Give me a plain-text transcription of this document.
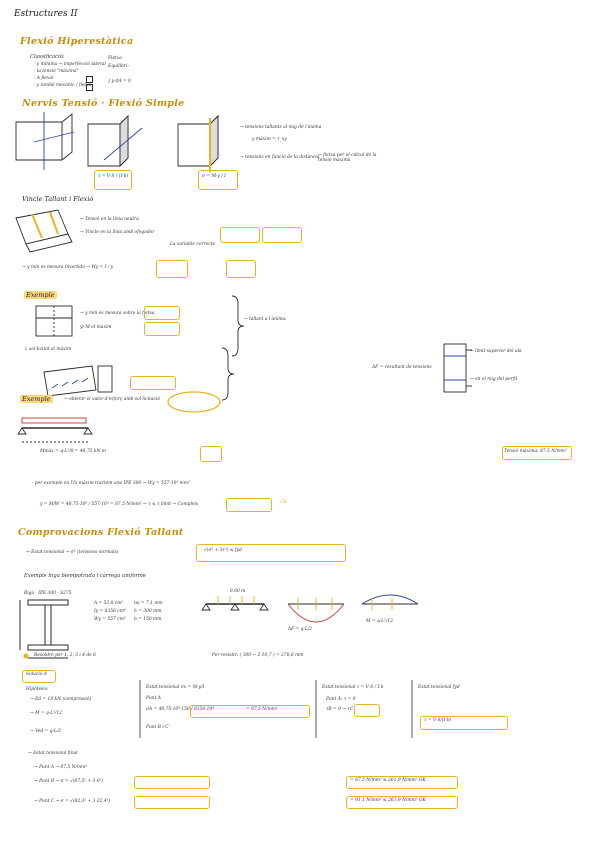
Estructures II
Flexió Hiperestàtica
Classificació:
· y mínima → imperfecció lateral
· la tensió "màxima"
· A flexió
· y també mecànic / fletxa
Fletxa
Equilibri:
∫ y·dA = 0
Nervis Tensió · Flexió Simple
τ = V·S / (I·b)	σ = M·y / I
→ tensions tallants al mig de l'ànima
y màxim = τ_xy
→ tensions en funció de la distància
→ fletxa per el càlcul de la tensió màxima
Vincle Tallant i Flexió
→ Tensió en la línia neutra
→ Vincle en la línia amb ofegador
La variable correcte
→ y mín es mesura invertida → Wy = I / y
Exemple
→ y mín és mesura sobre la fletxa
y/ M el màxim
→ tallant a l'ànima:
↳ sol·licitat al màxim
ΔF = resultant de tensions
→ límit superior del ala
→ en el mig del perfil
Exemple	→ obtenir el valor d'esforç amb sol·licitació
Mmàx = q·L²/8 = 48,75 kN·m	Tensió màxima: 87,5 N/mm²
· per exemple en l'Ix màxim tractem una IPE 300 → Wy = 557·10³ mm³
y = M/W = 48,75·10⁶ / 557·10³ = 87,5 N/mm² → τ ≤ τ límit → Compleix	OK
Comprovacions Flexió Tallant
→ Estat tensional → σ² (tensions normals)	√(σ² + 3τ²) ≤ fyd
Exemple biga biempotrada i càrrega uniforme
Bigà · IPE 300 · S275
A = 53,8 cm²
Iy = 8356 cm⁴
Wy = 557 cm³
tw = 7,1 mm
h = 300 mm
b = 150 mm
6,00 m
ΔF = q·L/2
M = q·L²/12
Resoldre per 1, 2, 3 i 4 de 6	Per resistir: ( 300 − 2·10,7 ) = 278,6 mm
Solució A
Hipòtesis:
→ Ed = 18 kN (compressió)
→ M = q·L²/12
→ Ved = q·L/2
Estat tensional σx = M·y/I
Punt A
σA = 48,75·10⁶·150 / 8356·10⁴	= 87,5 N/mm²
Punt B i C
Estat tensional τ = V·S / I·b
Punt A: τ = 0
τB = 0 → τC
Estat tensional fyd
τ = V·S/(I·b)
→ Estat tensional final
→ Punt A → 87,5 N/mm²
→ Punt B → σ = √(87,5² + 3·0²)	= 87,5 N/mm² ≤ 261,9 N/mm² OK
→ Punt C → σ = √(82,3² + 3·22,4²)	= 91,1 N/mm² ≤ 261,9 N/mm² OK
